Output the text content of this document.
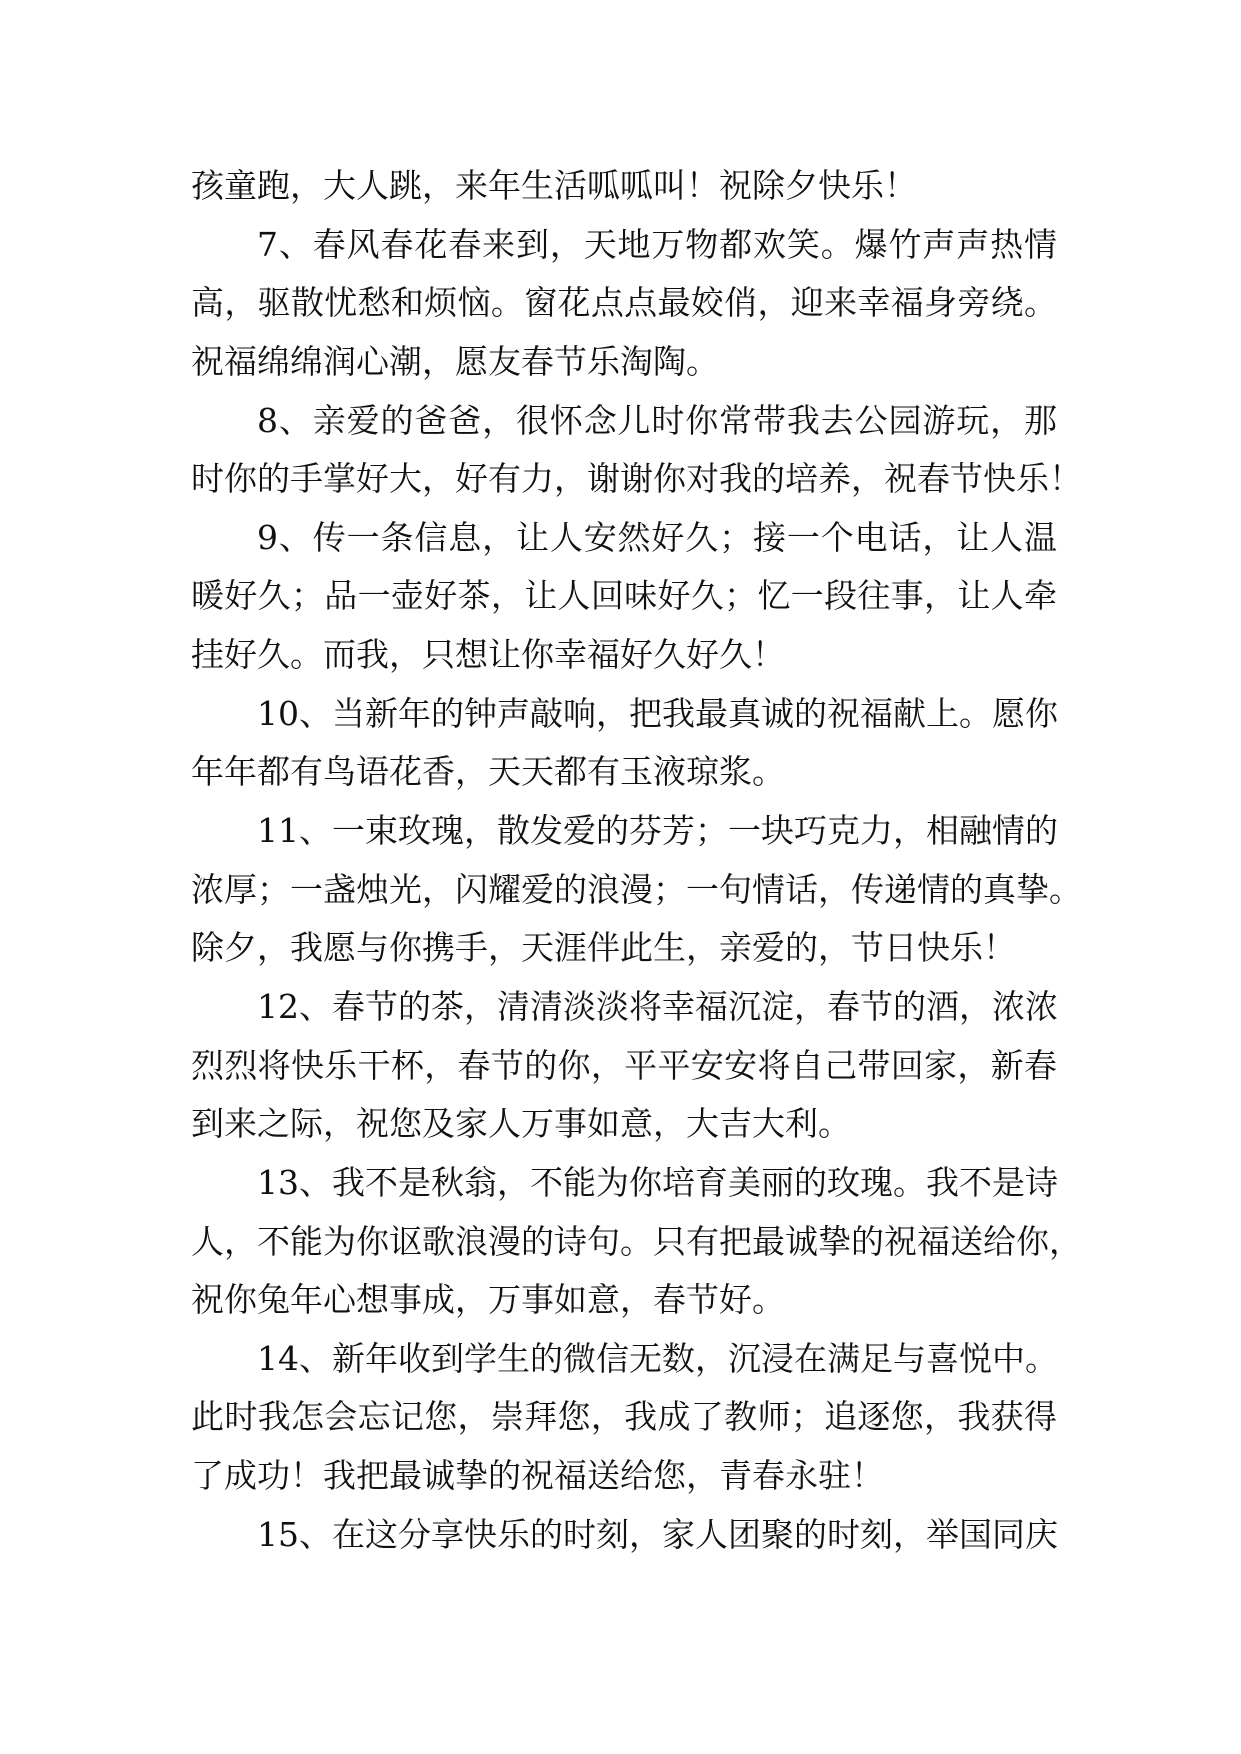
孩童跑，大人跳，来年生活呱呱叫！祝除夕快乐！
7、春风春花春来到，天地万物都欢笑。爆竹声声热情
高，驱散忧愁和烦恼。窗花点点最姣俏，迎来幸福身旁绕。
祝福绵绵润心潮，愿友春节乐淘陶。
8、亲爱的爸爸，很怀念儿时你常带我去公园游玩，那
时你的手掌好大，好有力，谢谢你对我的培养，祝春节快乐！
9、传一条信息，让人安然好久；接一个电话，让人温
暖好久；品一壶好茶，让人回味好久；忆一段往事，让人牵
挂好久。而我，只想让你幸福好久好久！
10、当新年的钟声敲响，把我最真诚的祝福献上。愿你
年年都有鸟语花香，天天都有玉液琼浆。
11、一束玫瑰，散发爱的芬芳；一块巧克力，相融情的
浓厚；一盏烛光，闪耀爱的浪漫；一句情话，传递情的真挚。
除夕，我愿与你携手，天涯伴此生，亲爱的，节日快乐！
12、春节的茶，清清淡淡将幸福沉淀，春节的酒，浓浓
烈烈将快乐干杯，春节的你，平平安安将自己带回家，新春
到来之际，祝您及家人万事如意，大吉大利。
13、我不是秋翁，不能为你培育美丽的玫瑰。我不是诗
人，不能为你讴歌浪漫的诗句。只有把最诚挚的祝福送给你，
祝你兔年心想事成，万事如意，春节好。
14、新年收到学生的微信无数，沉浸在满足与喜悦中。
此时我怎会忘记您，崇拜您，我成了教师；追逐您，我获得
了成功！我把最诚挚的祝福送给您，青春永驻！
15、在这分享快乐的时刻，家人团聚的时刻，举国同庆
